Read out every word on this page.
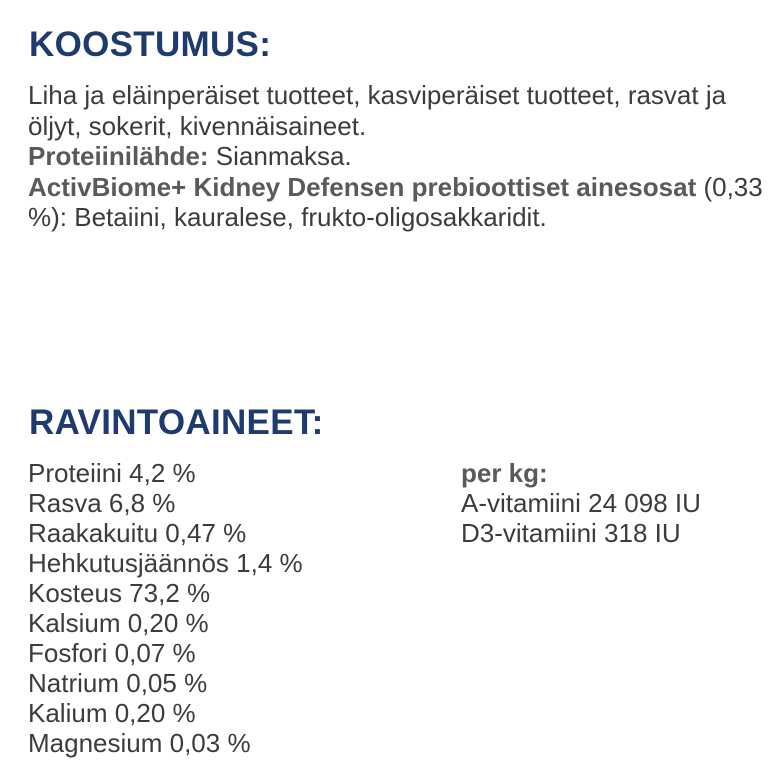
KOOSTUMUS:

Liha ja eläinperäiset tuotteet, kasviperäiset tuotteet, rasvat ja öljyt, sokerit, kivennäisaineet.

Proteiinilähde: Sianmaksa.

ActivBiome+ Kidney Defensen prebioottiset ainesosat (0,33 %): Betaiini, kauralese, frukto-oligosakkaridit.

RAVINTOAINEET:
Proteiini 4,2 %
Rasva 6,8 %
Raakakuitu 0,47 %
Hehkutusjäännös 1,4 %
Kosteus 73,2 %
Kalsium 0,20 %
Fosfori 0,07 %
Natrium 0,05 %
Kalium 0,20 %
Magnesium 0,03 %
per kg:
A-vitamiini 24 098 IU
D3-vitamiini 318 IU
